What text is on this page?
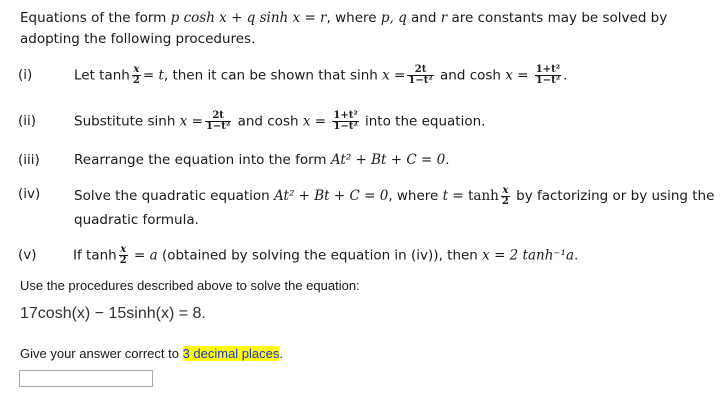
Equations of the form p cosh x + q sinh x = r, where p, q and r are constants may be solved by adopting the following procedures.
(i)	Let $\tanh \frac{x}{2} = t$, then it can be shown that $\sinh x = \frac{2t}{\text{1−t²}}$ and $\cosh x = \frac{\text{1+t²}}{\text{1−t²}}$ .
(ii)	Substitute $\sinh x = \frac{2t}{\text{1−t²}}$ and $\cosh x = \frac{\text{1+t²}}{\text{1−t²}}$ into the equation.
(iii)	Rearrange the equation into the form At² + Bt + C = 0.
(iv)	Solve the quadratic equation At² + Bt + C = 0, where $t = \tanh \frac{x}{2}$ by factorizing or by using the quadratic formula.
(v)	If $\tanh \frac{x}{2} = a$ (obtained by solving the equation in (iv)), then x = 2 tanh⁻¹a.
Use the procedures described above to solve the equation:
17cosh(x) − 15sinh(x) = 8.
Give your answer correct to 3 decimal places.
